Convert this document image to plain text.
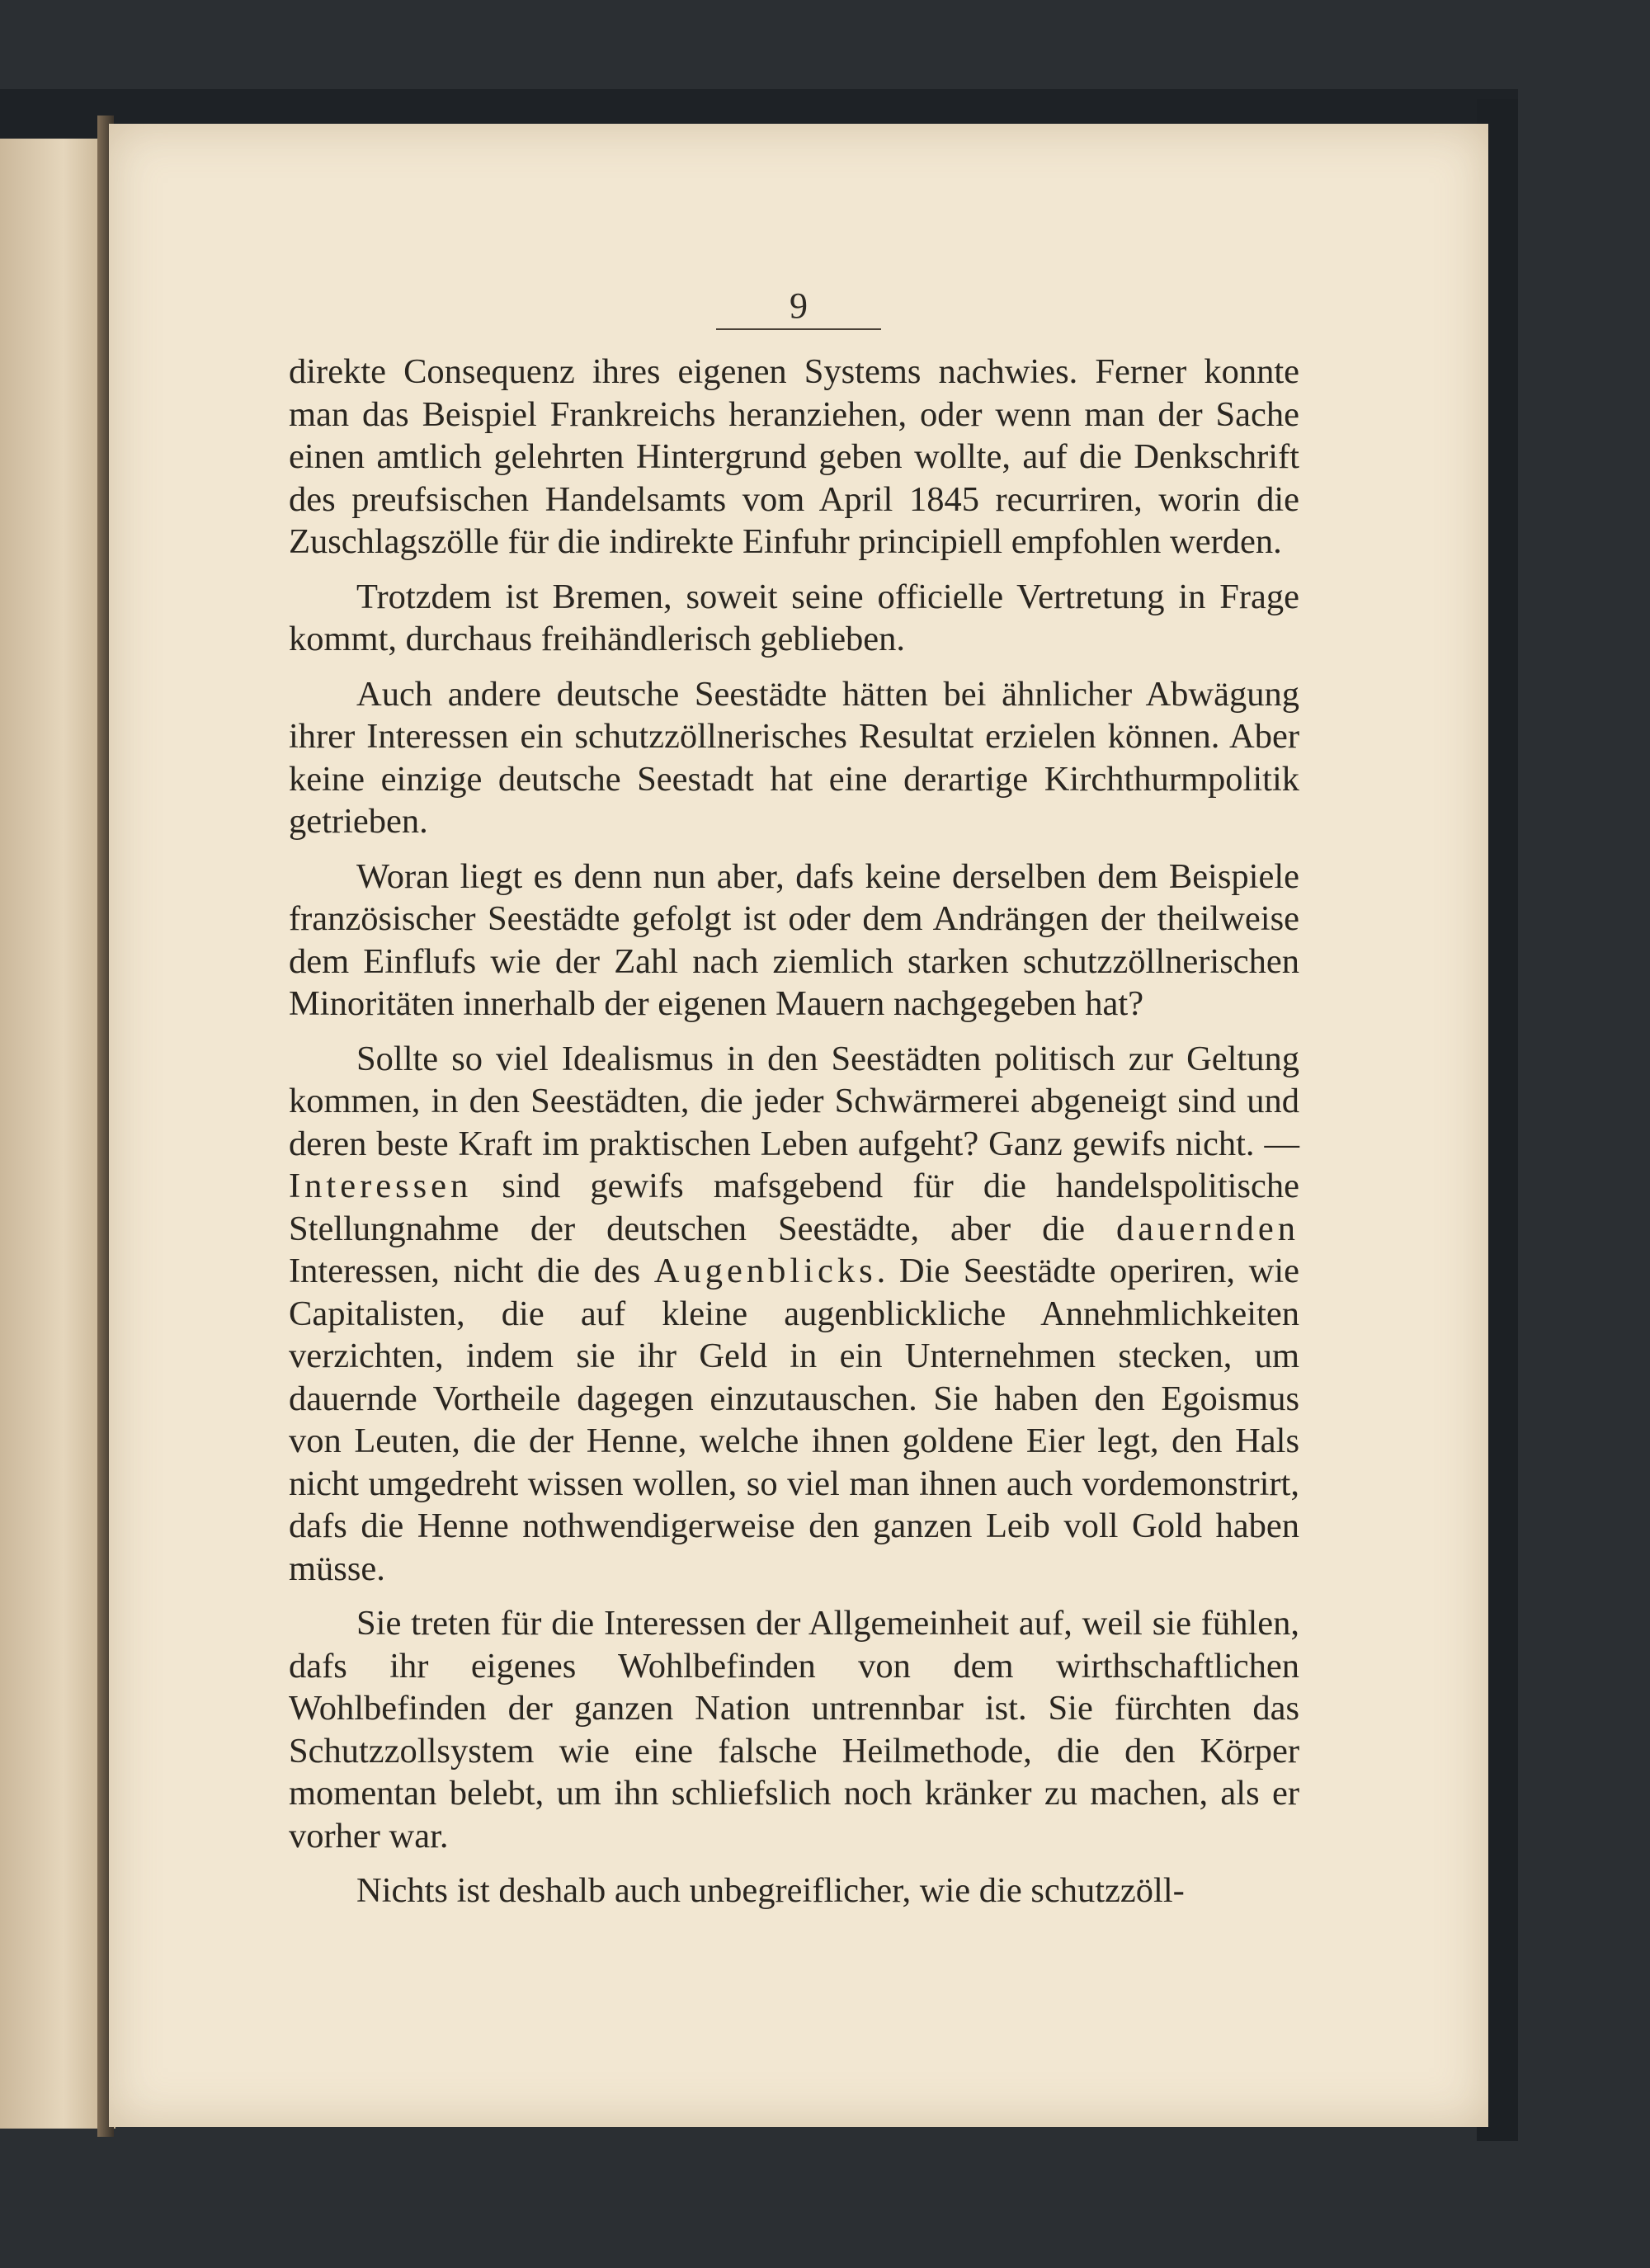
9

direkte Consequenz ihres eigenen Systems nachwies. Ferner konnte man das Beispiel Frankreichs heranziehen, oder wenn man der Sache einen amtlich gelehrten Hintergrund geben wollte, auf die Denkschrift des preufsischen Handelsamts vom April 1845 recurriren, worin die Zuschlagszölle für die indirekte Einfuhr principiell empfohlen werden.

Trotzdem ist Bremen, soweit seine officielle Vertretung in Frage kommt, durchaus freihändlerisch geblieben.

Auch andere deutsche Seestädte hätten bei ähnlicher Abwägung ihrer Interessen ein schutzzöllnerisches Resultat erzielen können. Aber keine einzige deutsche Seestadt hat eine derartige Kirchthurmpolitik getrieben.

Woran liegt es denn nun aber, dafs keine derselben dem Beispiele französischer Seestädte gefolgt ist oder dem Andrängen der theilweise dem Einflufs wie der Zahl nach ziemlich starken schutzzöllnerischen Minoritäten innerhalb der eigenen Mauern nachgegeben hat?

Sollte so viel Idealismus in den Seestädten politisch zur Geltung kommen, in den Seestädten, die jeder Schwärmerei abgeneigt sind und deren beste Kraft im praktischen Leben aufgeht? Ganz gewifs nicht. — Interessen sind gewifs mafsgebend für die handelspolitische Stellungnahme der deutschen Seestädte, aber die dauernden Interessen, nicht die des Augenblicks. Die Seestädte operiren, wie Capitalisten, die auf kleine augenblickliche Annehmlichkeiten verzichten, indem sie ihr Geld in ein Unternehmen stecken, um dauernde Vortheile dagegen einzutauschen. Sie haben den Egoismus von Leuten, die der Henne, welche ihnen goldene Eier legt, den Hals nicht umgedreht wissen wollen, so viel man ihnen auch vordemonstrirt, dafs die Henne nothwendigerweise den ganzen Leib voll Gold haben müsse.

Sie treten für die Interessen der Allgemeinheit auf, weil sie fühlen, dafs ihr eigenes Wohlbefinden von dem wirthschaftlichen Wohlbefinden der ganzen Nation untrennbar ist. Sie fürchten das Schutzzollsystem wie eine falsche Heilmethode, die den Körper momentan belebt, um ihn schliefslich noch kränker zu machen, als er vorher war.

Nichts ist deshalb auch unbegreiflicher, wie die schutzzöll-
